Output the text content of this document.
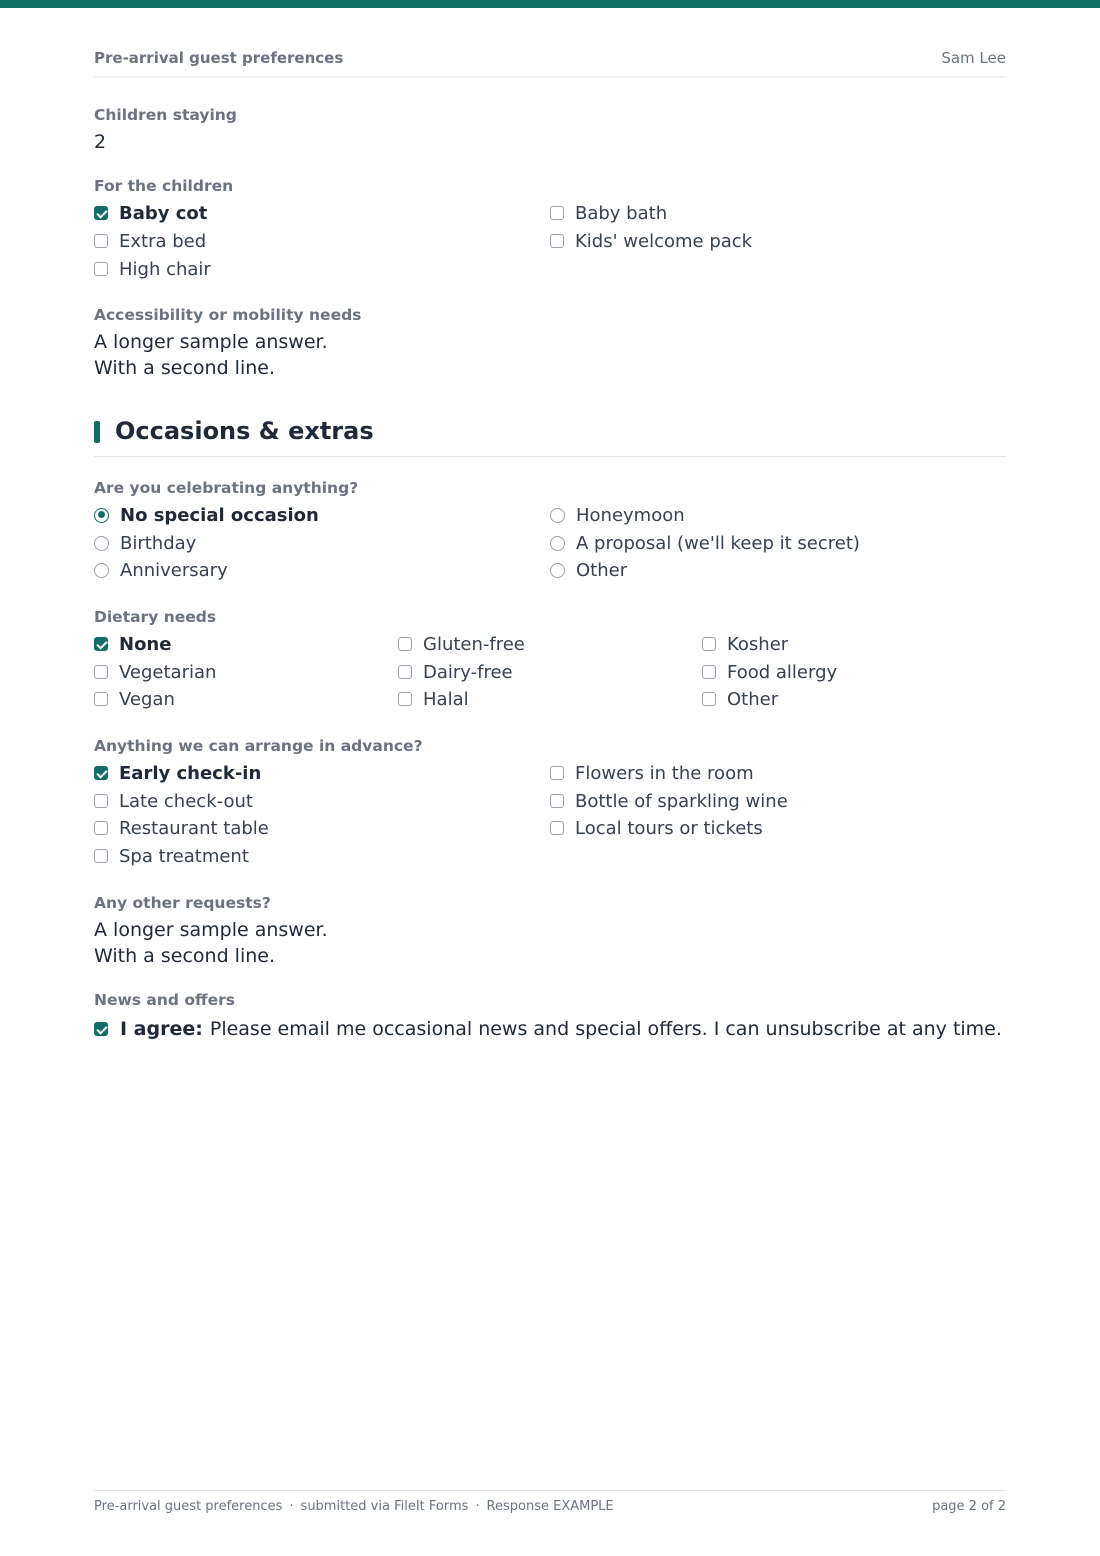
Pre-arrival guest preferences	Sam Lee
Children staying
2
For the children
Baby cot
Extra bed
High chair
Baby bath
Kids' welcome pack
Accessibility or mobility needs
A longer sample answer.
With a second line.
Occasions & extras
Are you celebrating anything?
No special occasion
Birthday
Anniversary
Honeymoon
A proposal (we'll keep it secret)
Other
Dietary needs
None
Vegetarian
Vegan
Gluten-free
Dairy-free
Halal
Kosher
Food allergy
Other
Anything we can arrange in advance?
Early check-in
Late check-out
Restaurant table
Spa treatment
Flowers in the room
Bottle of sparkling wine
Local tours or tickets
Any other requests?
A longer sample answer.
With a second line.
News and offers
I agree: Please email me occasional news and special offers. I can unsubscribe at any time.
Pre-arrival guest preferences · submitted via FileIt Forms · Response EXAMPLE	page 2 of 2
